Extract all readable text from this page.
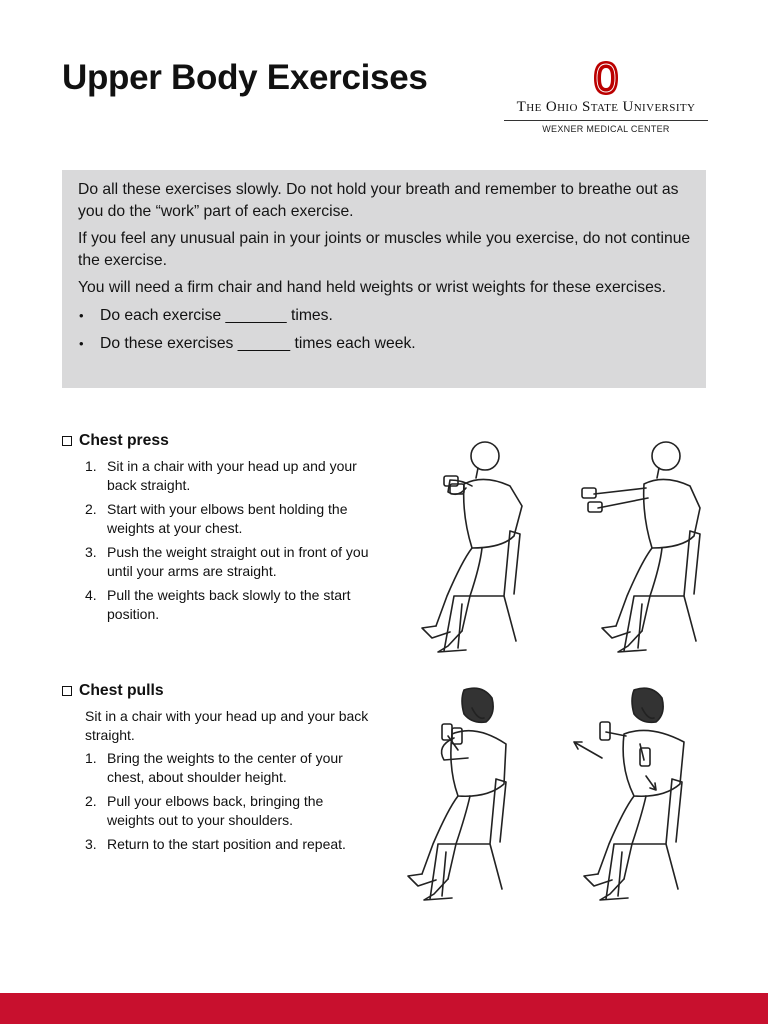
Upper Body Exercises
The Ohio State University
WEXNER MEDICAL CENTER

Do all these exercises slowly. Do not hold your breath and remember to breathe out as you do the “work” part of each exercise.

If you feel any unusual pain in your joints or muscles while you exercise, do not continue the exercise.

You will need a firm chair and hand held weights or wrist weights for these exercises.

• Do each exercise _______ times.
• Do these exercises ______ times each week.
Chest press
1. Sit in a chair with your head up and your back straight.
2. Start with your elbows bent holding the weights at your chest.
3. Push the weight straight out in front of you until your arms are straight.
4. Pull the weights back slowly to the start position.
Chest pulls

Sit in a chair with your head up and your back straight.

1. Bring the weights to the center of your chest, about shoulder height.
2. Pull your elbows back, bringing the weights out to your shoulders.
3. Return to the start position and repeat.
